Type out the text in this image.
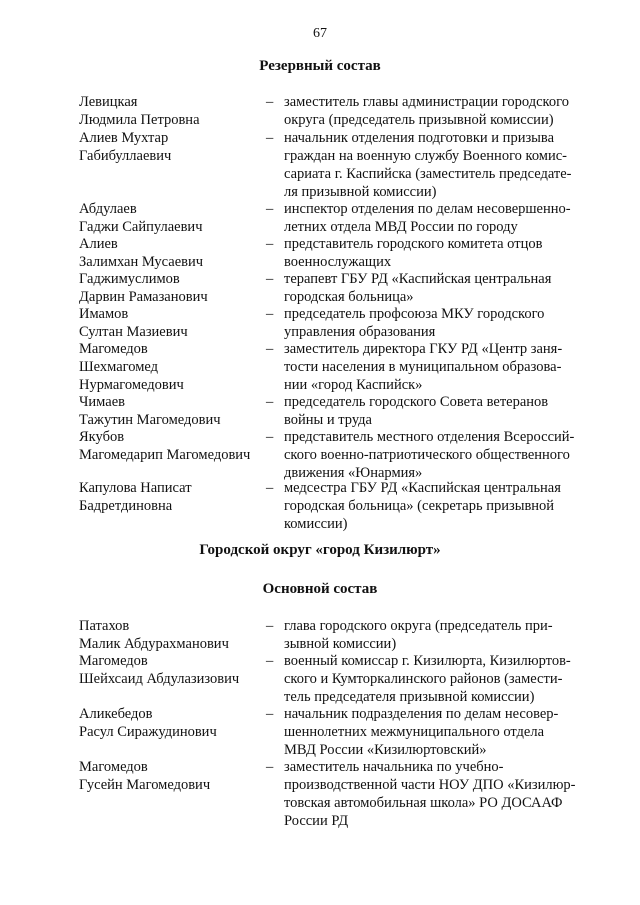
67
Резервный состав
Левицкая
Людмила Петровна
– заместитель главы администрации городского
округа (председатель призывной комиссии)
Алиев Мухтар
Габибуллаевич
– начальник отделения подготовки и призыва
граждан на военную службу Военного комис-
сариата г. Каспийска (заместитель председате-
ля призывной комиссии)
Абдулаев
Гаджи Сайпулаевич
– инспектор отделения по делам несовершенно-
летних отдела МВД России по городу
Алиев
Залимхан Мусаевич
– представитель городского комитета отцов
военнослужащих
Гаджимуслимов
Дарвин Рамазанович
– терапевт ГБУ РД «Каспийская центральная
городская больница»
Имамов
Султан Мазиевич
– председатель профсоюза МКУ городского
управления образования
Магомедов
Шехмагомед
Нурмагомедович
– заместитель директора ГКУ РД «Центр заня-
тости населения в муниципальном образова-
нии «город Каспийск»
Чимаев
Тажутин Магомедович
– председатель городского Совета ветеранов
войны и труда
Якубов
Магомедарип Магомедович
– представитель местного отделения Всероссий-
ского военно-патриотического общественного
движения «Юнармия»
Капулова Написат
Бадретдиновна
– медсестра ГБУ РД «Каспийская центральная
городская больница» (секретарь призывной
комиссии)
Городской округ «город Кизилюрт»
Основной состав
Патахов
Малик Абдурахманович
– глава городского округа (председатель при-
зывной комиссии)
Магомедов
Шейхсаид Абдулазизович
– военный комиссар г. Кизилюрта, Кизилюртов-
ского и Кумторкалинского районов (замести-
тель председателя призывной комиссии)
Аликебедов
Расул Сиражудинович
– начальник подразделения по делам несовер-
шеннолетних межмуниципального отдела
МВД России «Кизилюртовский»
Магомедов
Гусейн Магомедович
– заместитель начальника по учебно-
производственной части НОУ ДПО «Кизилюр-
товская автомобильная школа» РО ДОСААФ
России РД
